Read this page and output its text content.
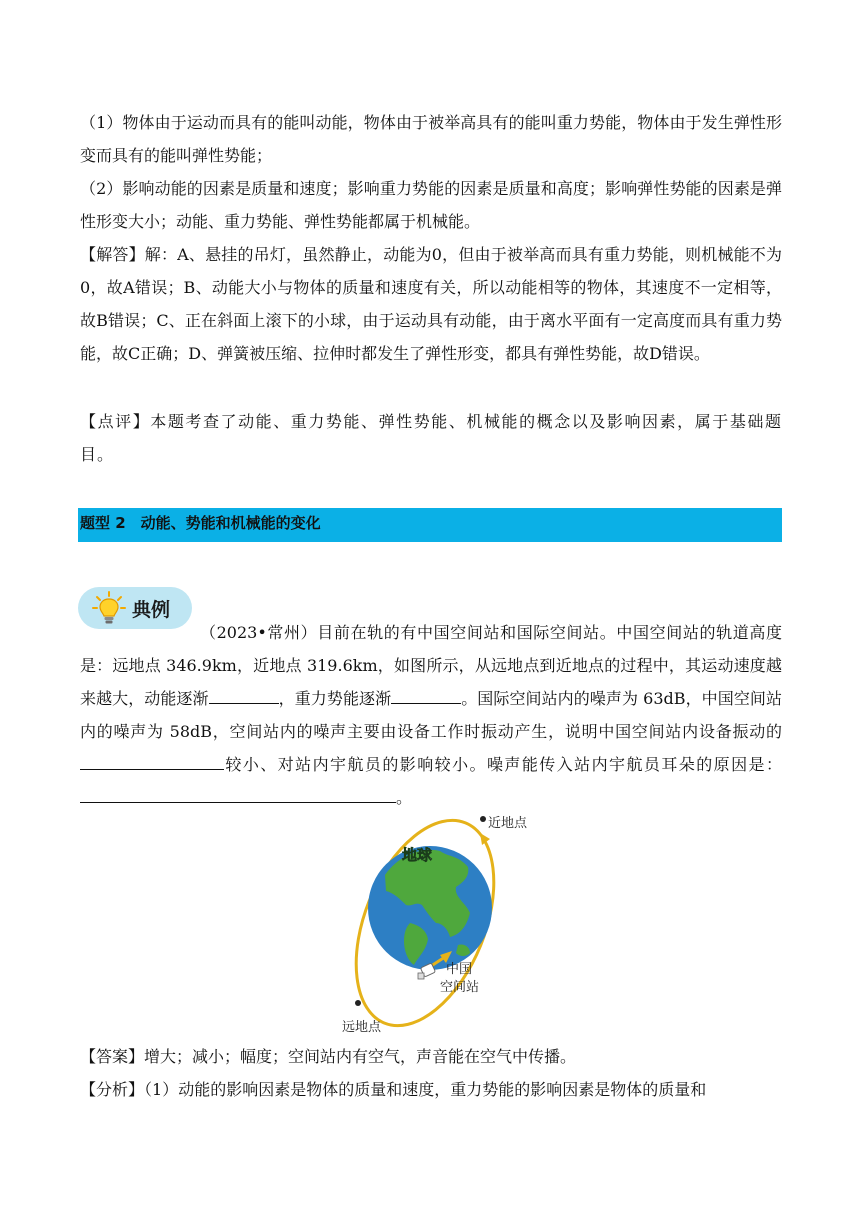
（1）物体由于运动而具有的能叫动能，物体由于被举高具有的能叫重力势能，物体由于发生弹性形变而具有的能叫弹性势能；
（2）影响动能的因素是质量和速度；影响重力势能的因素是质量和高度；影响弹性势能的因素是弹性形变大小；动能、重力势能、弹性势能都属于机械能。
【解答】解：A、悬挂的吊灯，虽然静止，动能为0，但由于被举高而具有重力势能，则机械能不为0，故A错误；B、动能大小与物体的质量和速度有关，所以动能相等的物体，其速度不一定相等，故B错误；C、正在斜面上滚下的小球，由于运动具有动能，由于离水平面有一定高度而具有重力势能，故C正确；D、弹簧被压缩、拉伸时都发生了弹性形变，都具有弹性势能，故D错误。
【点评】本题考查了动能、重力势能、弹性势能、机械能的概念以及影响因素，属于基础题目。
题型 2　动能、势能和机械能的变化
典例
（2023•常州）目前在轨的有中国空间站和国际空间站。中国空间站的轨道高度是：远地点 346.9km，近地点 319.6km，如图所示，从远地点到近地点的过程中，其运动速度越来越大，动能逐渐	，重力势能逐渐	。国际空间站内的噪声为 63dB，中国空间站内的噪声为 58dB，空间站内的噪声主要由设备工作时振动产生，说明中国空间站内设备振动的较小、对站内宇航员的影响较小。噪声能传入站内宇航员耳朵的原因是：。
地球
近地点
远地点
中国
空间站
【答案】增大；减小；幅度；空间站内有空气，声音能在空气中传播。
【分析】（1）动能的影响因素是物体的质量和速度，重力势能的影响因素是物体的质量和
